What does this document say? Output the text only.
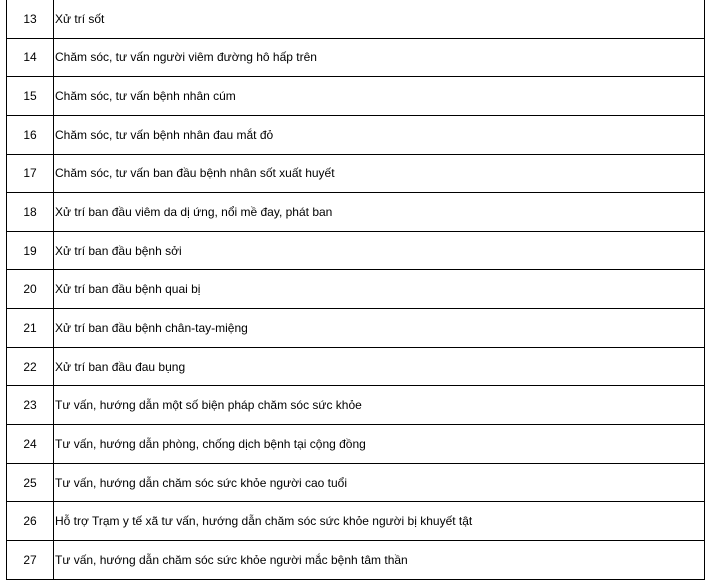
13	Xử trí sốt
14	Chăm sóc, tư vấn người viêm đường hô hấp trên
15	Chăm sóc, tư vấn bệnh nhân cúm
16	Chăm sóc, tư vấn bệnh nhân đau mắt đỏ
17	Chăm sóc, tư vấn ban đầu bệnh nhân sốt xuất huyết
18	Xử trí ban đầu viêm da dị ứng, nổi mề đay, phát ban
19	Xử trí ban đầu bệnh sởi
20	Xử trí ban đầu bệnh quai bị
21	Xử trí ban đầu bệnh chân-tay-miệng
22	Xử trí ban đầu đau bụng
23	Tư vấn, hướng dẫn một số biện pháp chăm sóc sức khỏe
24	Tư vấn, hướng dẫn phòng, chống dịch bệnh tại cộng đồng
25	Tư vấn, hướng dẫn chăm sóc sức khỏe người cao tuổi
26	Hỗ trợ Trạm y tế xã tư vấn, hướng dẫn chăm sóc sức khỏe người bị khuyết tật
27	Tư vấn, hướng dẫn chăm sóc sức khỏe người mắc bệnh tâm thần
